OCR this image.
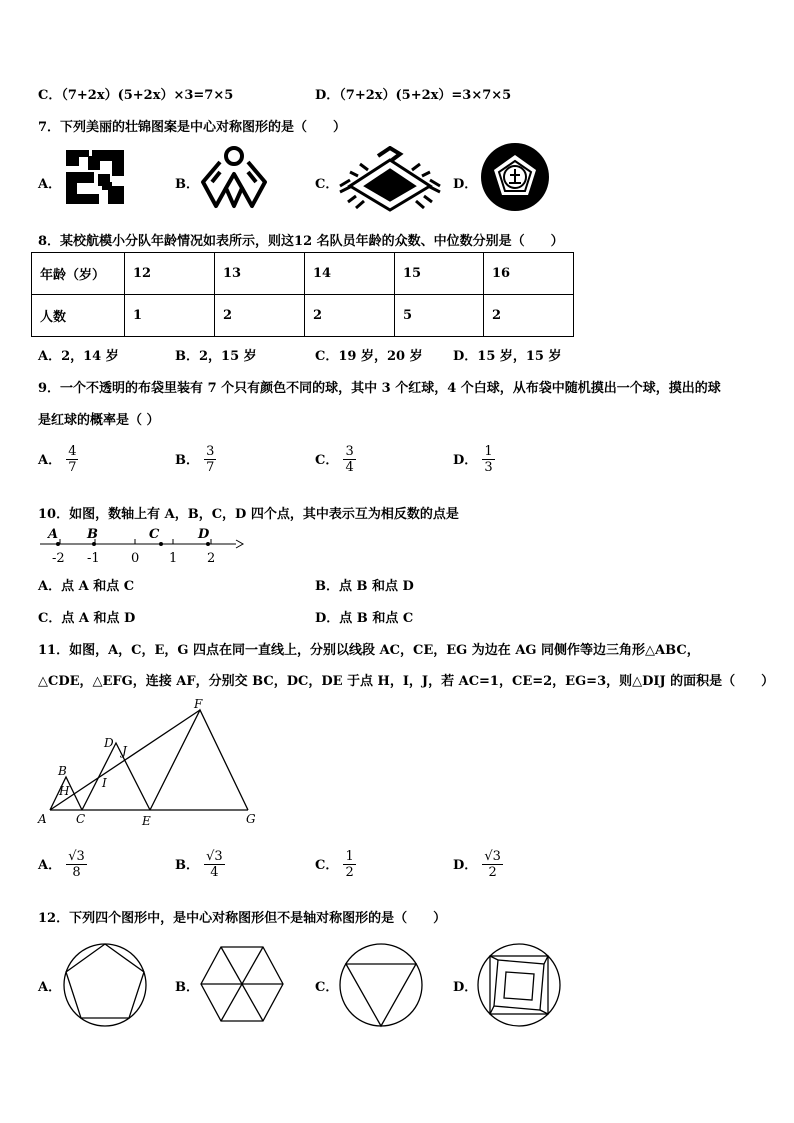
C．（7+2x）(5+2x）×3=7×5	D．（7+2x）(5+2x）=3×7×5
7．下列美丽的壮锦图案是中心对称图形的是（　　）
A．	B．	C．	D．
8．某校航模小分队年龄情况如表所示，则这12 名队员年龄的众数、中位数分别是（　　）
年龄（岁）	12	13	14	15	16
人数	1	2	2	5	2
A．2，14 岁	B．2，15 岁	C．19 岁，20 岁 D．15 岁，15 岁
9．一个不透明的布袋里装有 7 个只有颜色不同的球，其中 3 个红球，4 个白球，从布袋中随机摸出一个球，摸出的球
是红球的概率是（ ）
A． $\frac{4}{7}$	B． $\frac{3}{7}$	C． $\frac{3}{4}$	D． $\frac{1}{3}$
10．如图，数轴上有 A，B，C，D 四个点，其中表示互为相反数的点是
A B	C	D
-2 -1 0 1 2
A．点 A 和点 C	B．点 B 和点 D
C．点 A 和点 D	D．点 B 和点 C
11．如图，A，C，E，G 四点在同一直线上，分别以线段 AC，CE，EG 为边在 AG 同侧作等边三角形△ABC，
△CDE，△EFG，连接 AF，分别交 BC，DC，DE 于点 H，I，J，若 AC=1，CE=2，EG=3，则△DIJ 的面积是（　　）
A
B
C
D
E
F
G
H
I
J
A． $\frac{√3}{8}$	B． $\frac{√3}{4}$	C． $\frac{1}{2}$	D． $\frac{√3}{2}$
12．下列四个图形中，是中心对称图形但不是轴对称图形的是（　　）
A．	B．	C．	D．
